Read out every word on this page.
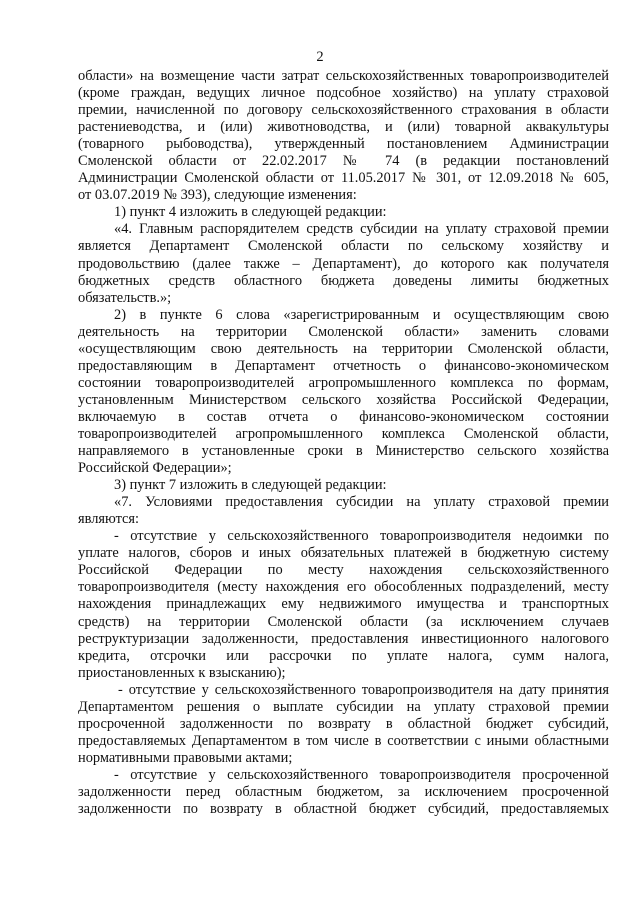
2
области» на возмещение части затрат сельскохозяйственных товаропроизводителей
(кроме граждан, ведущих личное подсобное хозяйство) на уплату страховой
премии, начисленной по договору сельскохозяйственного страхования в области
растениеводства, и (или) животноводства, и (или) товарной аквакультуры
(товарного рыбоводства), утвержденный постановлением Администрации
Смоленской области от 22.02.2017 № 74 (в редакции постановлений
Администрации Смоленской области от 11.05.2017 № 301, от 12.09.2018 № 605,
от 03.07.2019 № 393), следующие изменения:
1) пункт 4 изложить в следующей редакции:
«4. Главным распорядителем средств субсидии на уплату страховой премии
является Департамент Смоленской области по сельскому хозяйству и
продовольствию (далее также – Департамент), до которого как получателя
бюджетных средств областного бюджета доведены лимиты бюджетных
обязательств.»;
2) в пункте 6 слова «зарегистрированным и осуществляющим свою
деятельность на территории Смоленской области» заменить словами
«осуществляющим свою деятельность на территории Смоленской области,
предоставляющим в Департамент отчетность о финансово-экономическом
состоянии товаропроизводителей агропромышленного комплекса по формам,
установленным Министерством сельского хозяйства Российской Федерации,
включаемую в состав отчета о финансово-экономическом состоянии
товаропроизводителей агропромышленного комплекса Смоленской области,
направляемого в установленные сроки в Министерство сельского хозяйства
Российской Федерации»;
3) пункт 7 изложить в следующей редакции:
«7. Условиями предоставления субсидии на уплату страховой премии
являются:
- отсутствие у сельскохозяйственного товаропроизводителя недоимки по
уплате налогов, сборов и иных обязательных платежей в бюджетную систему
Российской Федерации по месту нахождения сельскохозяйственного
товаропроизводителя (месту нахождения его обособленных подразделений, месту
нахождения принадлежащих ему недвижимого имущества и транспортных
средств) на территории Смоленской области (за исключением случаев
реструктуризации задолженности, предоставления инвестиционного налогового
кредита, отсрочки или рассрочки по уплате налога, сумм налога,
приостановленных к взысканию);
- отсутствие у сельскохозяйственного товаропроизводителя на дату принятия
Департаментом решения о выплате субсидии на уплату страховой премии
просроченной задолженности по возврату в областной бюджет субсидий,
предоставляемых Департаментом в том числе в соответствии с иными областными
нормативными правовыми актами;
- отсутствие у сельскохозяйственного товаропроизводителя просроченной
задолженности перед областным бюджетом, за исключением просроченной
задолженности по возврату в областной бюджет субсидий, предоставляемых
